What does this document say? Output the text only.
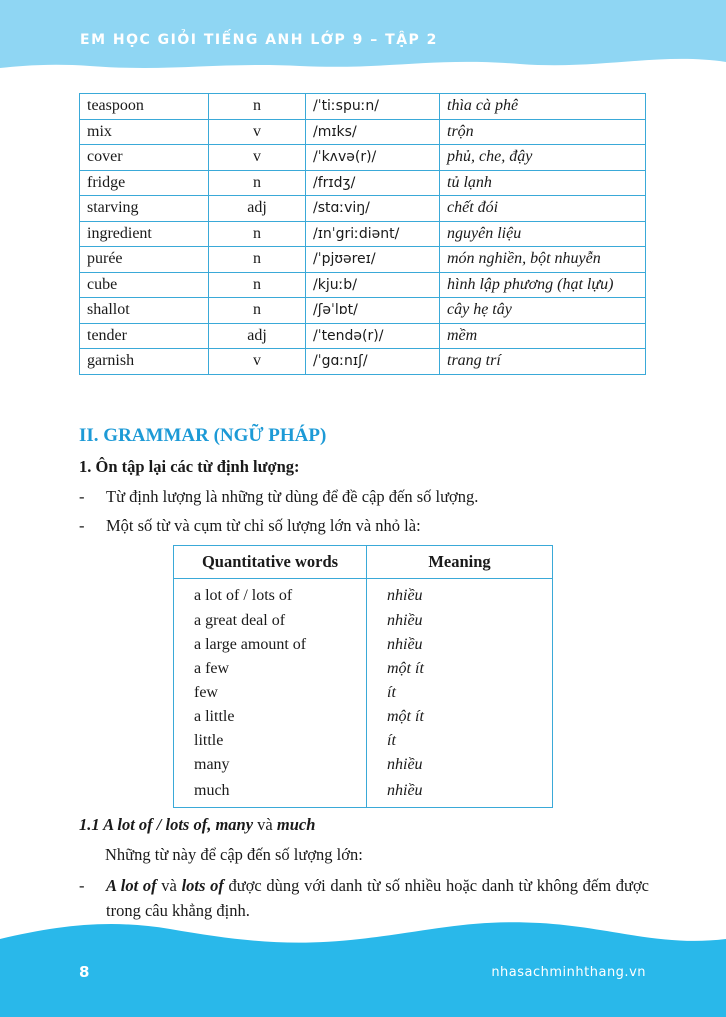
EM HỌC GIỎI TIẾNG ANH LỚP 9 – TẬP 2
teaspoon	n	/ˈtiːspuːn/	thìa cà phê
mix	v	/mɪks/	trộn
cover	v	/ˈkʌvə(r)/	phủ, che, đậy
fridge	n	/frɪdʒ/	tủ lạnh
starving	adj	/stɑːviŋ/	chết đói
ingredient	n	/ɪnˈgriːdiənt/	nguyên liệu
purée	n	/ˈpjʊəreɪ/	món nghiền, bột nhuyễn
cube	n	/kjuːb/	hình lập phương (hạt lựu)
shallot	n	/ʃəˈlɒt/	cây hẹ tây
tender	adj	/ˈtendə(r)/	mềm
garnish	v	/ˈgɑːnɪʃ/	trang trí
II. GRAMMAR (NGỮ PHÁP)
1. Ôn tập lại các từ định lượng:
- Từ định lượng là những từ dùng để đề cập đến số lượng.
- Một số từ và cụm từ chỉ số lượng lớn và nhỏ là:
Quantitative words	Meaning
a lot of / lots of	nhiều
a great deal of	nhiều
a large amount of	nhiều
a few	một ít
few	ít
a little	một ít
little	ít
many	nhiều
much	nhiều
1.1 A lot of / lots of, many và much
Những từ này để cập đến số lượng lớn:
- A lot of và lots of được dùng với danh từ số nhiều hoặc danh từ không đếm được trong câu khẳng định.
8	nhasachminhthang.vn
